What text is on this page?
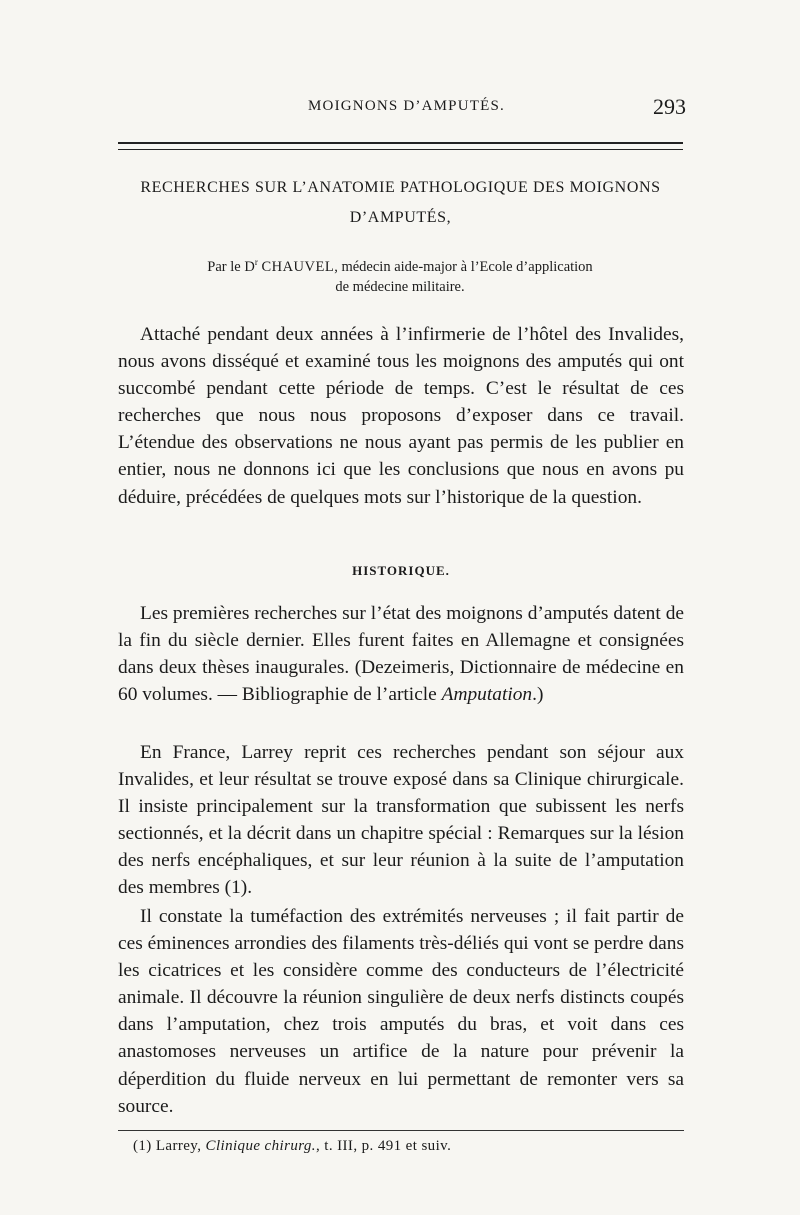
MOIGNONS D’AMPUTÉS.	293
RECHERCHES SUR L’ANATOMIE PATHOLOGIQUE DES MOIGNONS
D’AMPUTÉS,
Par le $D^r$ CHAUVEL, médecin aide-major à l’Ecole d’application
de médecine militaire.

Attaché pendant deux années à l’infirmerie de l’hôtel des Invalides, nous avons disséqué et examiné tous les moignons des amputés qui ont succombé pendant cette période de temps. C’est le résultat de ces recherches que nous nous proposons d’exposer dans ce travail. L’étendue des observations ne nous ayant pas permis de les publier en entier, nous ne donnons ici que les conclusions que nous en avons pu déduire, précédées de quelques mots sur l’historique de la question.

HISTORIQUE.

Les premières recherches sur l’état des moignons d’amputés datent de la fin du siècle dernier. Elles furent faites en Allemagne et consignées dans deux thèses inaugurales. (Dezeimeris, Dictionnaire de médecine en 60 volumes. — Bibliographie de l’article Amputation.)

En France, Larrey reprit ces recherches pendant son séjour aux Invalides, et leur résultat se trouve exposé dans sa Clinique chirurgicale. Il insiste principalement sur la transformation que subissent les nerfs sectionnés, et la décrit dans un chapitre spécial : Remarques sur la lésion des nerfs encéphaliques, et sur leur réunion à la suite de l’amputation des membres (1).

Il constate la tuméfaction des extrémités nerveuses ; il fait partir de ces éminences arrondies des filaments très-déliés qui vont se perdre dans les cicatrices et les considère comme des conducteurs de l’électricité animale. Il découvre la réunion singulière de deux nerfs distincts coupés dans l’amputation, chez trois amputés du bras, et voit dans ces anastomoses nerveuses un artifice de la nature pour prévenir la déperdition du fluide nerveux en lui permettant de remonter vers sa source.

(1) Larrey, Clinique chirurg., t. III, p. 491 et suiv.
